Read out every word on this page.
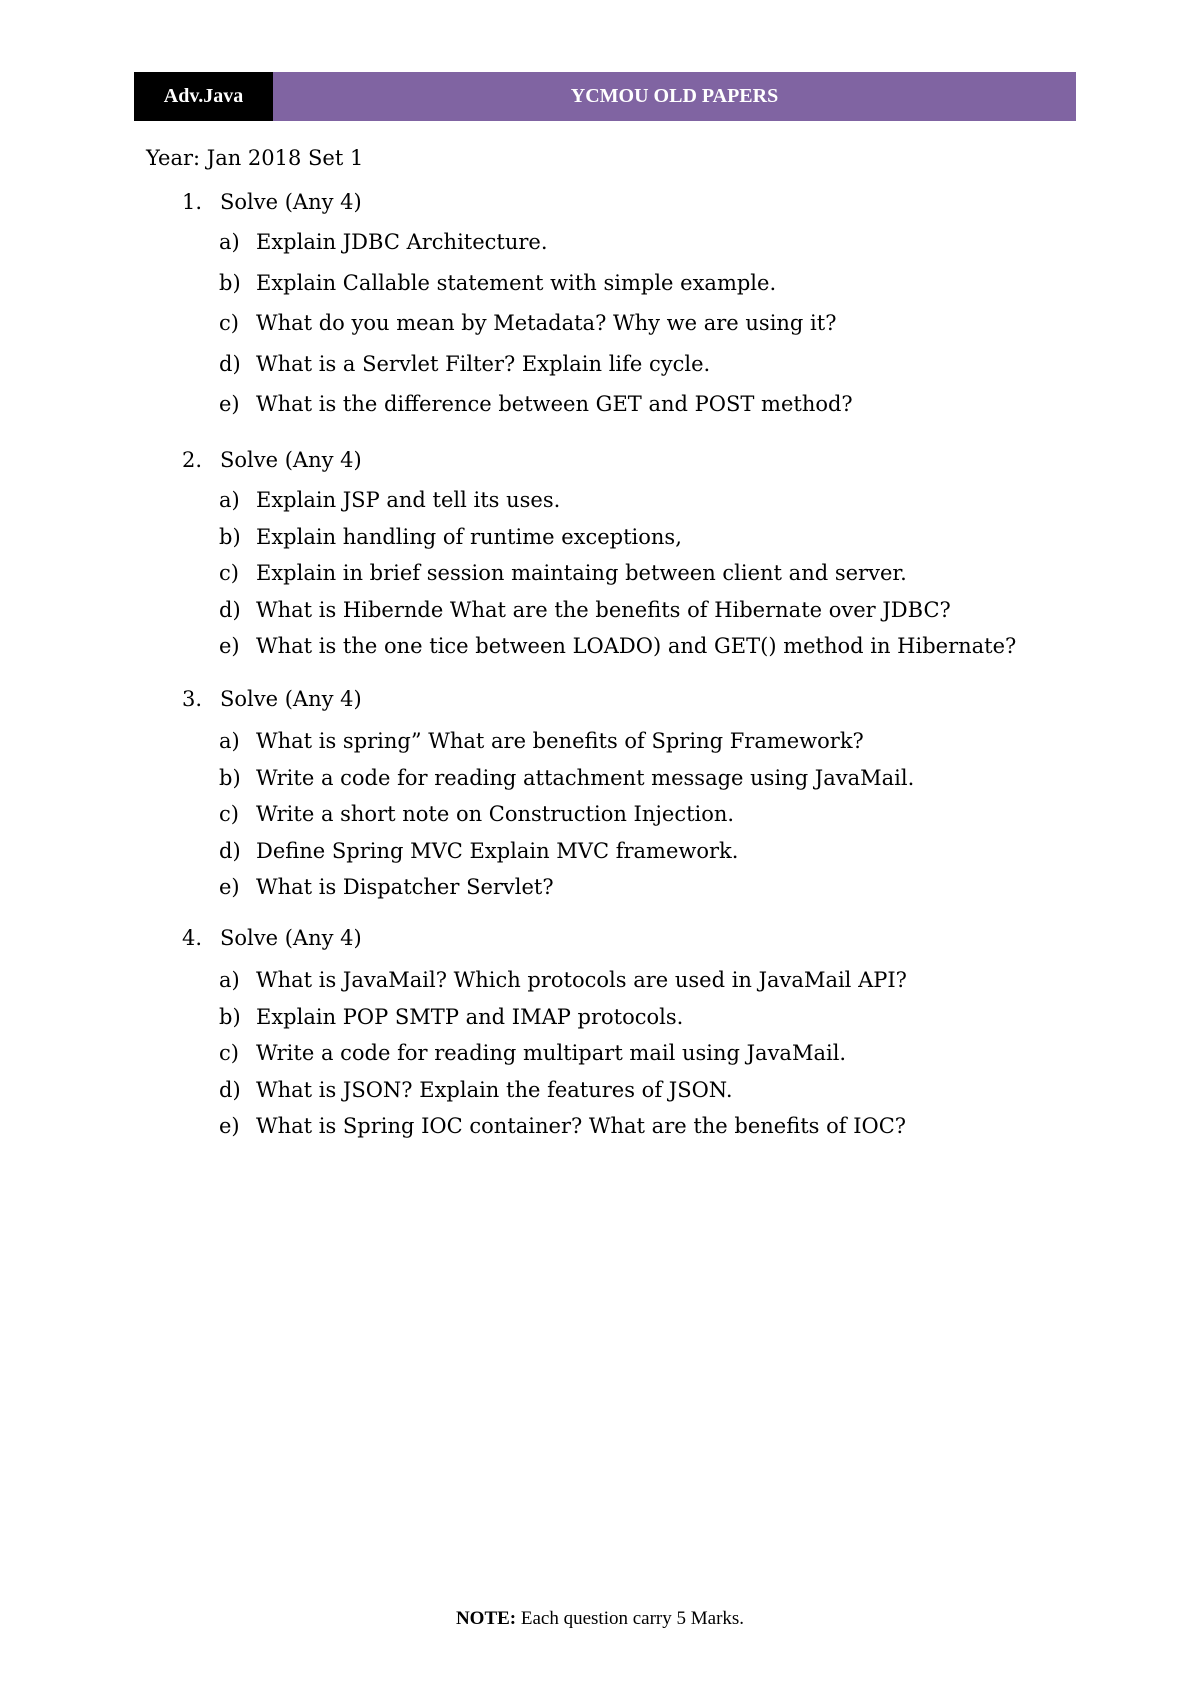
Adv.Java	YCMOU OLD PAPERS
Year: Jan 2018 Set 1
1. Solve (Any 4)
a) Explain JDBC Architecture.
b) Explain Callable statement with simple example.
c) What do you mean by Metadata? Why we are using it?
d) What is a Servlet Filter? Explain life cycle.
e) What is the difference between GET and POST method?
2. Solve (Any 4)
a) Explain JSP and tell its uses.
b) Explain handling of runtime exceptions,
c) Explain in brief session maintaing between client and server.
d) What is Hibernde What are the benefits of Hibernate over JDBC?
e) What is the one tice between LOADO) and GET() method in Hibernate?
3. Solve (Any 4)
a) What is spring” What are benefits of Spring Framework?
b) Write a code for reading attachment message using JavaMail.
c) Write a short note on Construction Injection.
d) Define Spring MVC Explain MVC framework.
e) What is Dispatcher Servlet?
4. Solve (Any 4)
a) What is JavaMail? Which protocols are used in JavaMail API?
b) Explain POP SMTP and IMAP protocols.
c) Write a code for reading multipart mail using JavaMail.
d) What is JSON? Explain the features of JSON.
e) What is Spring IOC container? What are the benefits of IOC?
NOTE: Each question carry 5 Marks.
